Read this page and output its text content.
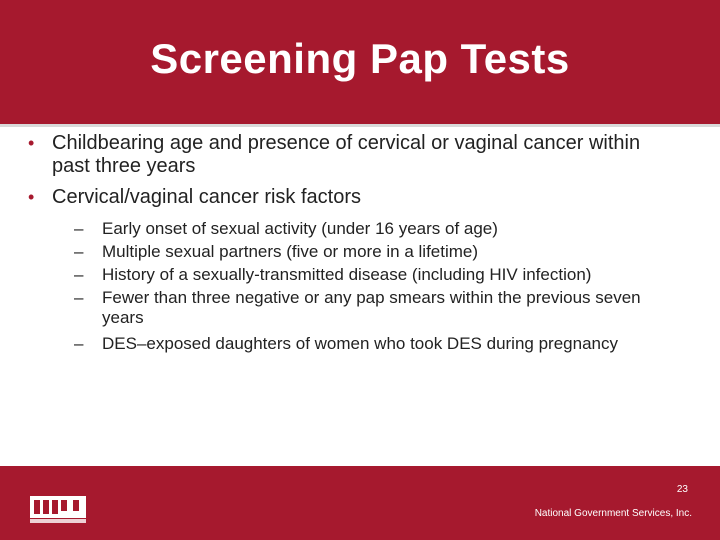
Screening Pap Tests
• Childbearing age and presence of cervical or vaginal cancer within past three years
• Cervical/vaginal cancer risk factors
– Early onset of sexual activity (under 16 years of age)
– Multiple sexual partners (five or more in a lifetime)
– History of a sexually-transmitted disease (including HIV infection)
– Fewer than three negative or any pap smears within the previous seven years
– DES–exposed daughters of women who took DES during pregnancy
23
National Government Services, Inc.
